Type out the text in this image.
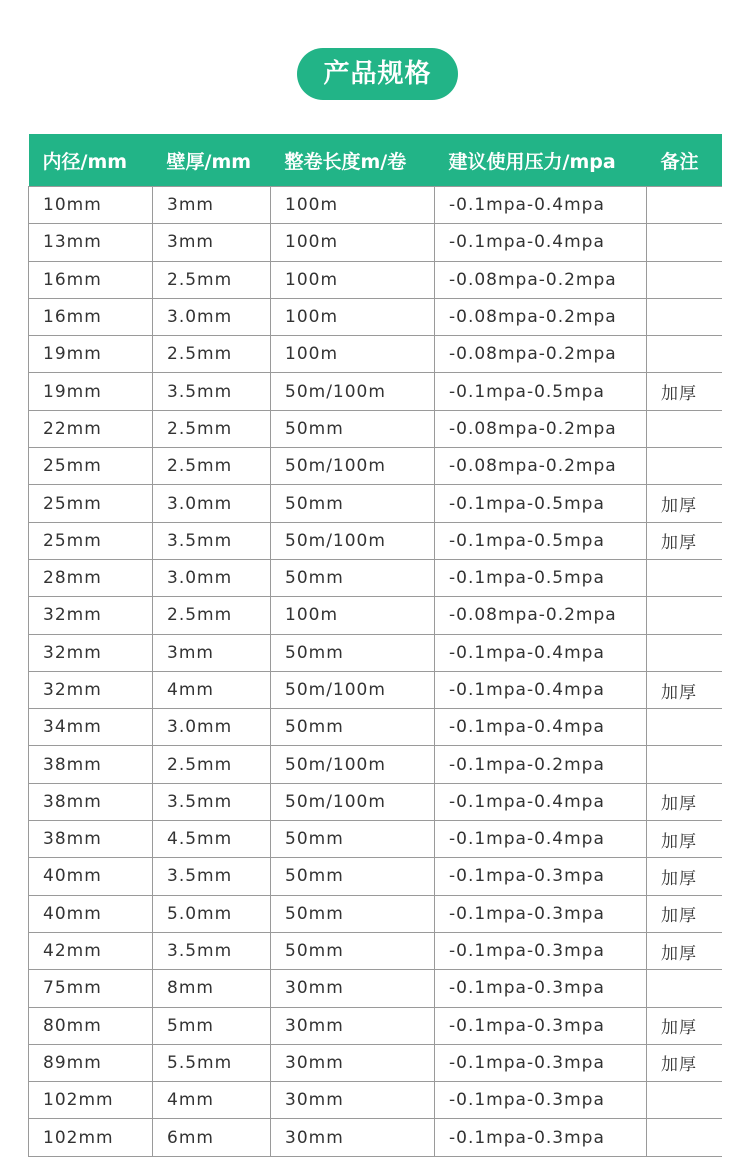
产品规格
内径/mm	壁厚/mm	整卷长度m/卷	建议使用压力/mpa	备注
10mm	3mm	100m	-0.1mpa-0.4mpa	
13mm	3mm	100m	-0.1mpa-0.4mpa	
16mm	2.5mm	100m	-0.08mpa-0.2mpa	
16mm	3.0mm	100m	-0.08mpa-0.2mpa	
19mm	2.5mm	100m	-0.08mpa-0.2mpa	
19mm	3.5mm	50m/100m	-0.1mpa-0.5mpa	加厚
22mm	2.5mm	50mm	-0.08mpa-0.2mpa	
25mm	2.5mm	50m/100m	-0.08mpa-0.2mpa	
25mm	3.0mm	50mm	-0.1mpa-0.5mpa	加厚
25mm	3.5mm	50m/100m	-0.1mpa-0.5mpa	加厚
28mm	3.0mm	50mm	-0.1mpa-0.5mpa	
32mm	2.5mm	100m	-0.08mpa-0.2mpa	
32mm	3mm	50mm	-0.1mpa-0.4mpa	
32mm	4mm	50m/100m	-0.1mpa-0.4mpa	加厚
34mm	3.0mm	50mm	-0.1mpa-0.4mpa	
38mm	2.5mm	50m/100m	-0.1mpa-0.2mpa	
38mm	3.5mm	50m/100m	-0.1mpa-0.4mpa	加厚
38mm	4.5mm	50mm	-0.1mpa-0.4mpa	加厚
40mm	3.5mm	50mm	-0.1mpa-0.3mpa	加厚
40mm	5.0mm	50mm	-0.1mpa-0.3mpa	加厚
42mm	3.5mm	50mm	-0.1mpa-0.3mpa	加厚
75mm	8mm	30mm	-0.1mpa-0.3mpa	
80mm	5mm	30mm	-0.1mpa-0.3mpa	加厚
89mm	5.5mm	30mm	-0.1mpa-0.3mpa	加厚
102mm	4mm	30mm	-0.1mpa-0.3mpa	
102mm	6mm	30mm	-0.1mpa-0.3mpa	
